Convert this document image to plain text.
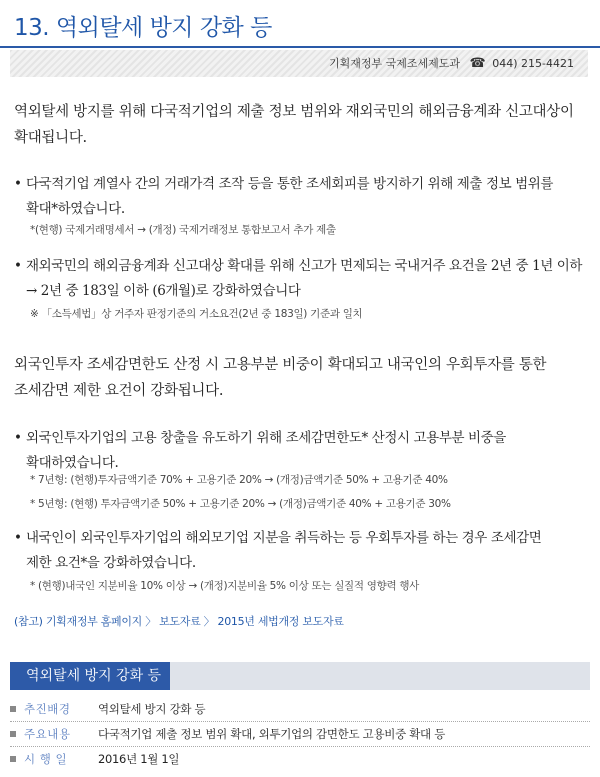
13. 역외탈세 방지 강화 등
기획재정부 국제조세제도과 ☎ 044) 215-4421

역외탈세 방지를 위해 다국적기업의 제출 정보 범위와 재외국민의 해외금융계좌 신고대상이
확대됩니다.

• 다국적기업 계열사 간의 거래가격 조작 등을 통한 조세회피를 방지하기 위해 제출 정보 범위를
확대*하였습니다.

*(현행) 국제거래명세서 → (개정) 국제거래정보 통합보고서 추가 제출

• 재외국민의 해외금융계좌 신고대상 확대를 위해 신고가 면제되는 국내거주 요건을 2년 중 1년 이하
→ 2년 중 183일 이하 (6개월)로 강화하였습니다

※ 「소득세법」상 거주자 판정기준의 거소요건(2년 중 183일) 기준과 일치

외국인투자 조세감면한도 산정 시 고용부분 비중이 확대되고 내국인의 우회투자를 통한
조세감면 제한 요건이 강화됩니다.

• 외국인투자기업의 고용 창출을 유도하기 위해 조세감면한도* 산정시 고용부분 비중을
확대하였습니다.

* 7년형: (현행)투자금액기준 70% + 고용기준 20% → (개정)금액기준 50% + 고용기준 40%

* 5년형: (현행) 투자금액기준 50% + 고용기준 20% → (개정)금액기준 40% + 고용기준 30%

• 내국인이 외국인투자기업의 해외모기업 지분을 취득하는 등 우회투자를 하는 경우 조세감면
제한 요건*을 강화하였습니다.

* (현행)내국인 지분비율 10% 이상 → (개정)지분비율 5% 이상 또는 실질적 영향력 행사

(참고) 기획재정부 홈페이지 〉 보도자료 〉 2015년 세법개정 보도자료

역외탈세 방지 강화 등
추진배경 역외탈세 방지 강화 등
주요내용 다국적기업 제출 정보 범위 확대, 외투기업의 감면한도 고용비중 확대 등
시 행 일	2016년 1월 1일
